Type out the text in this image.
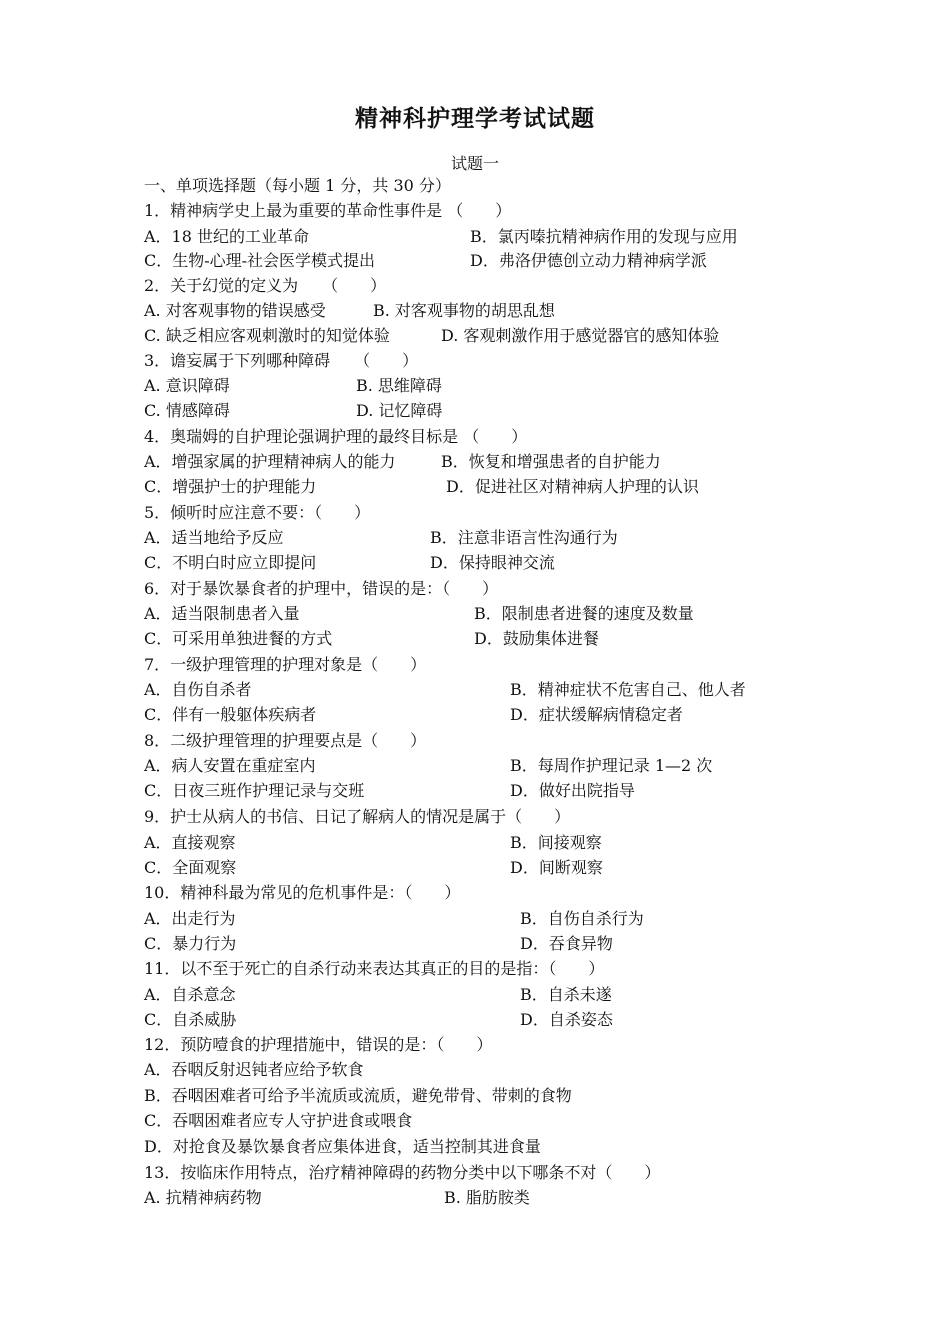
精神科护理学考试试题
试题一
一、单项选择题（每小题 1 分，共 30 分）
1．精神病学史上最为重要的革命性事件是 （　　）
A．18 世纪的工业革命	B．氯丙嗪抗精神病作用的发现与应用
C．生物-心理-社会医学模式提出	D．弗洛伊德创立动力精神病学派
2．关于幻觉的定义为　　（　　）
A. 对客观事物的错误感受	B. 对客观事物的胡思乱想
C. 缺乏相应客观刺激时的知觉体验	D. 客观刺激作用于感觉器官的感知体验
3．谵妄属于下列哪种障碍　　（　　）
A. 意识障碍	B. 思维障碍
C. 情感障碍	D. 记忆障碍
4．奥瑞姆的自护理论强调护理的最终目标是 （　　）
A．增强家属的护理精神病人的能力	B．恢复和增强患者的自护能力
C．增强护士的护理能力	D．促进社区对精神病人护理的认识
5．倾听时应注意不要：（　　）
A．适当地给予反应	B．注意非语言性沟通行为
C．不明白时应立即提问	D．保持眼神交流
6．对于暴饮暴食者的护理中，错误的是：（　　）
A．适当限制患者入量	B．限制患者进餐的速度及数量
C．可采用单独进餐的方式	D．鼓励集体进餐
7．一级护理管理的护理对象是（　　）
A．自伤自杀者	B．精神症状不危害自己、他人者
C．伴有一般躯体疾病者	D．症状缓解病情稳定者
8．二级护理管理的护理要点是（　　）
A．病人安置在重症室内	B．每周作护理记录 1—2 次
C．日夜三班作护理记录与交班	D．做好出院指导
9．护士从病人的书信、日记了解病人的情况是属于（　　）
A．直接观察	B．间接观察
C．全面观察	D．间断观察
10．精神科最为常见的危机事件是：（　　）
A．出走行为	B．自伤自杀行为
C．暴力行为	D．吞食异物
11．以不至于死亡的自杀行动来表达其真正的目的是指：（　　）
A．自杀意念	B．自杀未遂
C．自杀威胁	D．自杀姿态
12．预防噎食的护理措施中，错误的是：（　　）
A．吞咽反射迟钝者应给予软食
B．吞咽困难者可给予半流质或流质，避免带骨、带刺的食物
C．吞咽困难者应专人守护进食或喂食
D．对抢食及暴饮暴食者应集体进食，适当控制其进食量
13．按临床作用特点，治疗精神障碍的药物分类中以下哪条不对（　　）
A. 抗精神病药物	B. 脂肪胺类
